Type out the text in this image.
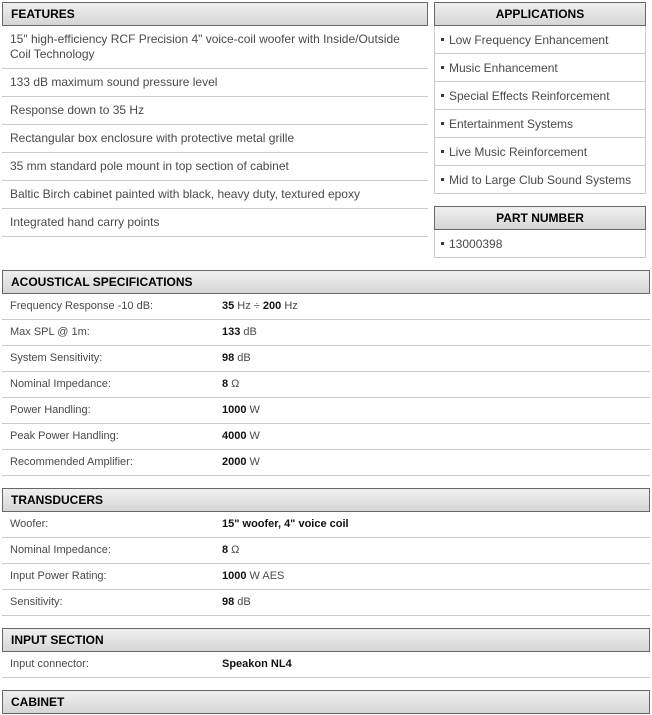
FEATURES
15" high-efficiency RCF Precision 4" voice-coil woofer with Inside/Outside Coil Technology
133 dB maximum sound pressure level
Response down to 35 Hz
Rectangular box enclosure with protective metal grille
35 mm standard pole mount in top section of cabinet
Baltic Birch cabinet painted with black, heavy duty, textured epoxy
Integrated hand carry points
APPLICATIONS
Low Frequency Enhancement
Music Enhancement
Special Effects Reinforcement
Entertainment Systems
Live Music Reinforcement
Mid to Large Club Sound Systems
PART NUMBER
13000398
ACOUSTICAL SPECIFICATIONS
Frequency Response -10 dB:	35 Hz ÷ 200 Hz
Max SPL @ 1m:	133 dB
System Sensitivity:	98 dB
Nominal Impedance:	8 Ω
Power Handling:	1000 W
Peak Power Handling:	4000 W
Recommended Amplifier:	2000 W
TRANSDUCERS
Woofer:	15" woofer, 4" voice coil
Nominal Impedance:	8 Ω
Input Power Rating:	1000 W AES
Sensitivity:	98 dB
INPUT SECTION
Input connector:	Speakon NL4
CABINET
